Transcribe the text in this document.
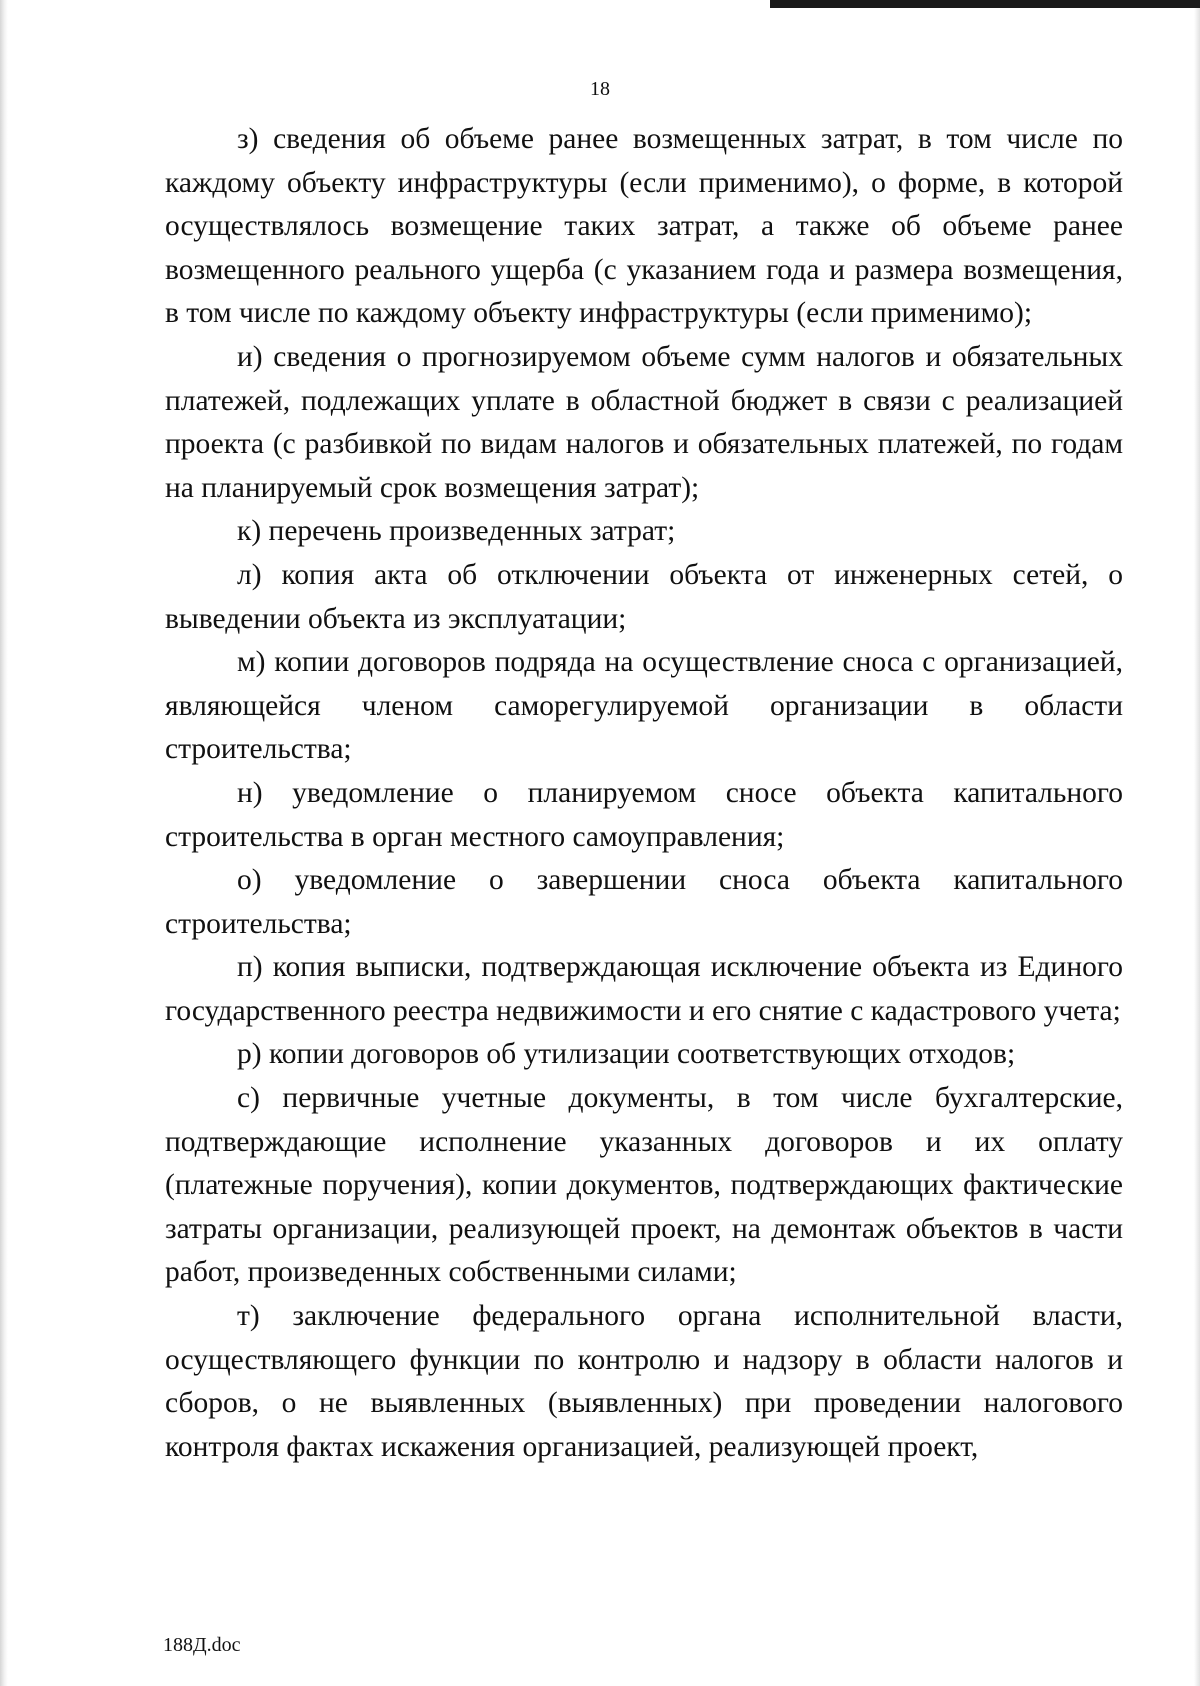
18

з) сведения об объеме ранее возмещенных затрат, в том числе по каждому объекту инфраструктуры (если применимо), о форме, в которой осуществлялось возмещение таких затрат, а также об объеме ранее возмещенного реального ущерба (с указанием года и размера возмещения, в том числе по каждому объекту инфраструктуры (если применимо);

и) сведения о прогнозируемом объеме сумм налогов и обязательных платежей, подлежащих уплате в областной бюджет в связи с реализацией проекта (с разбивкой по видам налогов и обязательных платежей, по годам на планируемый срок возмещения затрат);

к) перечень произведенных затрат;

л) копия акта об отключении объекта от инженерных сетей, о выведении объекта из эксплуатации;

м) копии договоров подряда на осуществление сноса с организацией, являющейся членом саморегулируемой организации в области строительства;

н) уведомление о планируемом сносе объекта капитального строительства в орган местного самоуправления;

о) уведомление о завершении сноса объекта капитального строительства;

п) копия выписки, подтверждающая исключение объекта из Единого государственного реестра недвижимости и его снятие с кадастрового учета;

р) копии договоров об утилизации соответствующих отходов;

с) первичные учетные документы, в том числе бухгалтерские, подтверждающие исполнение указанных договоров и их оплату (платежные поручения), копии документов, подтверждающих фактические затраты организации, реализующей проект, на демонтаж объектов в части работ, произведенных собственными силами;

т) заключение федерального органа исполнительной власти, осуществляющего функции по контролю и надзору в области налогов и сборов, о не выявленных (выявленных) при проведении налогового контроля фактах искажения организацией, реализующей проект,

188Д.doc
